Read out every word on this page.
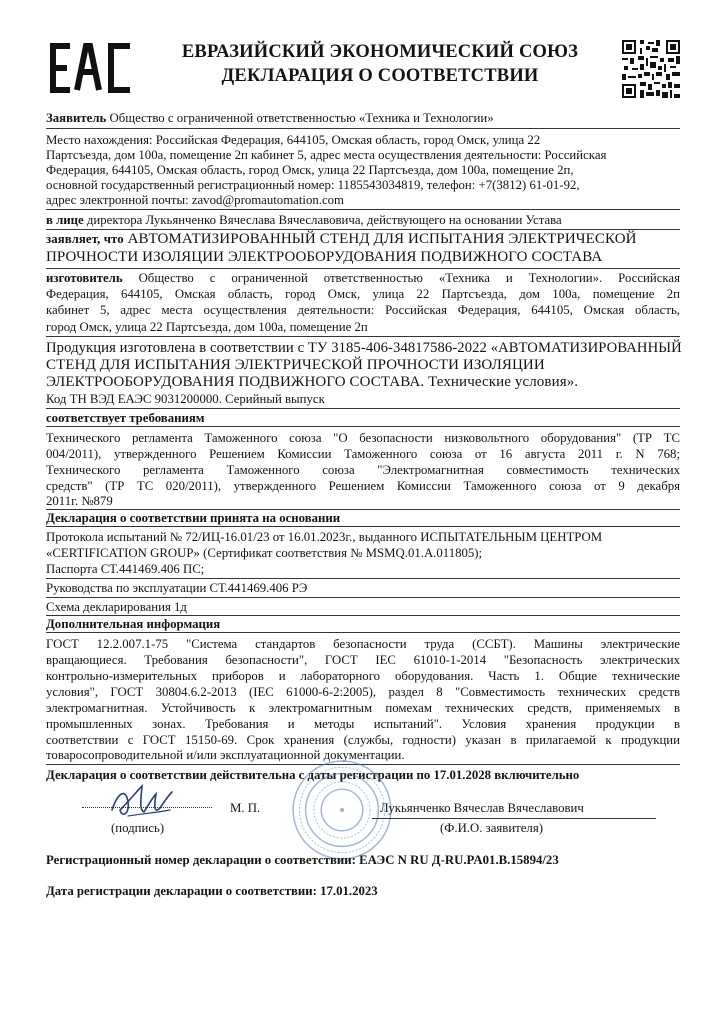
ЕВРАЗИЙСКИЙ ЭКОНОМИЧЕСКИЙ СОЮЗ
ДЕКЛАРАЦИЯ О СООТВЕТСТВИИ
Заявитель Общество с ограниченной ответственностью «Техника и Технологии»
Место нахождения: Российская Федерация, 644105, Омская область, город Омск, улица 22
Партсъезда, дом 100а, помещение 2п кабинет 5, адрес места осуществления деятельности: Российская
Федерация, 644105, Омская область, город Омск, улица 22 Партсъезда, дом 100а, помещение 2п,
основной государственный регистрационный номер: 1185543034819, телефон: +7(3812) 61-01-92,
адрес электронной почты: zavod@promautomation.com
в лице директора Лукьянченко Вячеслава Вячеславовича, действующего на основании Устава
заявляет, что АВТОМАТИЗИРОВАННЫЙ СТЕНД ДЛЯ ИСПЫТАНИЯ ЭЛЕКТРИЧЕСКОЙ
ПРОЧНОСТИ ИЗОЛЯЦИИ ЭЛЕКТРООБОРУДОВАНИЯ ПОДВИЖНОГО СОСТАВА
изготовитель Общество с ограниченной ответственностью «Техника и Технологии». Российская
Федерация, 644105, Омская область, город Омск, улица 22 Партсъезда, дом 100а, помещение 2п
кабинет 5, адрес места осуществления деятельности: Российская Федерация, 644105, Омская область,
город Омск, улица 22 Партсъезда, дом 100а, помещение 2п
Продукция изготовлена в соответствии с ТУ 3185-406-34817586-2022 «АВТОМАТИЗИРОВАННЫЙ
СТЕНД ДЛЯ ИСПЫТАНИЯ ЭЛЕКТРИЧЕСКОЙ ПРОЧНОСТИ ИЗОЛЯЦИИ
ЭЛЕКТРООБОРУДОВАНИЯ ПОДВИЖНОГО СОСТАВА. Технические условия».
Код ТН ВЭД ЕАЭС 9031200000. Серийный выпуск
соответствует требованиям
Технического регламента Таможенного союза "О безопасности низковольтного оборудования" (ТР ТС
004/2011), утвержденного Решением Комиссии Таможенного союза от 16 августа 2011 г. N 768;
Технического регламента Таможенного союза "Электромагнитная совместимость технических
средств" (ТР ТС 020/2011), утвержденного Решением Комиссии Таможенного союза от 9 декабря
2011г. №879
Декларация о соответствии принята на основании
Протокола испытаний № 72/ИЦ-16.01/23 от 16.01.2023г., выданного ИСПЫТАТЕЛЬНЫМ ЦЕНТРОМ
«CERTIFICATION GROUP» (Сертификат соответствия № MSMQ.01.A.011805);
Паспорта СТ.441469.406 ПС;
Руководства по эксплуатации СТ.441469.406 РЭ
Схема декларирования 1д
Дополнительная информация
ГОСТ 12.2.007.1-75 "Система стандартов безопасности труда (ССБТ). Машины электрические
вращающиеся. Требования безопасности", ГОСТ IEC 61010-1-2014 "Безопасность электрических
контрольно-измерительных приборов и лабораторного оборудования. Часть 1. Общие технические
условия", ГОСТ 30804.6.2-2013 (IEC 61000-6-2:2005), раздел 8 "Совместимость технических средств
электромагнитная. Устойчивость к электромагнитным помехам технических средств, применяемых в
промышленных зонах. Требования и методы испытаний". Условия хранения продукции в
соответствии с ГОСТ 15150-69. Срок хранения (службы, годности) указан в прилагаемой к продукции
товаросопроводительной и/или эксплуатационной документации.
Декларация о соответствии действительна с даты регистрации по 17.01.2028 включительно
М. П.	Лукьянченко Вячеслав Вячеславович
(подпись)	(Ф.И.О. заявителя)
Регистрационный номер декларации о соответствии: ЕАЭС N RU Д-RU.PA01.B.15894/23
Дата регистрации декларации о соответствии: 17.01.2023
